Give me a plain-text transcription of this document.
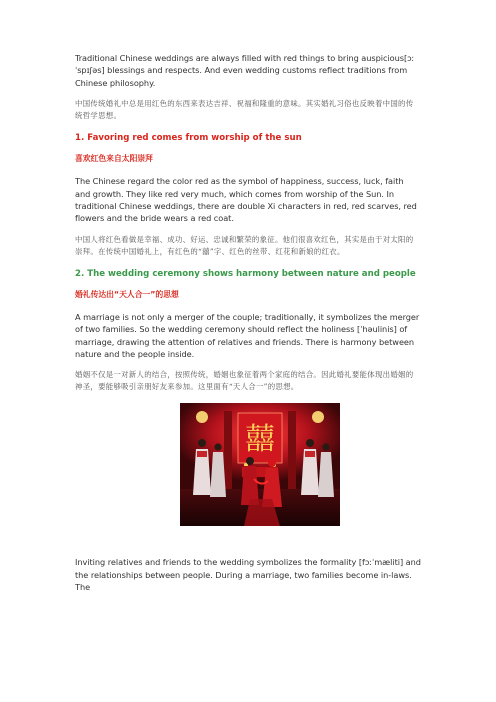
Traditional Chinese weddings are always filled with red things to bring auspicious[ɔːˈspɪʃəs] blessings and respects. And even wedding customs reflect traditions from Chinese philosophy.

中国传统婚礼中总是用红色的东西来表达吉祥、祝福和隆重的意味。其实婚礼习俗也反映着中国的传统哲学思想。

1. Favoring red comes from worship of the sun
喜欢红色来自太阳崇拜

The Chinese regard the color red as the symbol of happiness, success, luck, faith and growth. They like red very much, which comes from worship of the Sun. In traditional Chinese weddings, there are double Xi characters in red, red scarves, red flowers and the bride wears a red coat.

中国人将红色看做是幸福、成功、好运、忠诚和繁荣的象征。他们很喜欢红色，其实是由于对太阳的崇拜。在传统中国婚礼上，有红色的“囍”字、红色的丝带、红花和新娘的红衣。

2. The wedding ceremony shows harmony between nature and people
婚礼传达出“天人合一”的思想

A marriage is not only a merger of the couple; traditionally, it symbolizes the merger of two families. So the wedding ceremony should reflect the holiness [ˈhəulinis] of marriage, drawing the attention of relatives and friends. There is harmony between nature and the people inside.

婚姻不仅是一对新人的结合，按照传统，婚姻也象征着两个家庭的结合。因此婚礼要能体现出婚姻的神圣，要能够吸引亲朋好友来参加。这里面有“天人合一”的思想。

囍

Inviting relatives and friends to the wedding symbolizes the formality [fɔːˈmæliti] and the relationships between people. During a marriage, two families become in-laws. The
